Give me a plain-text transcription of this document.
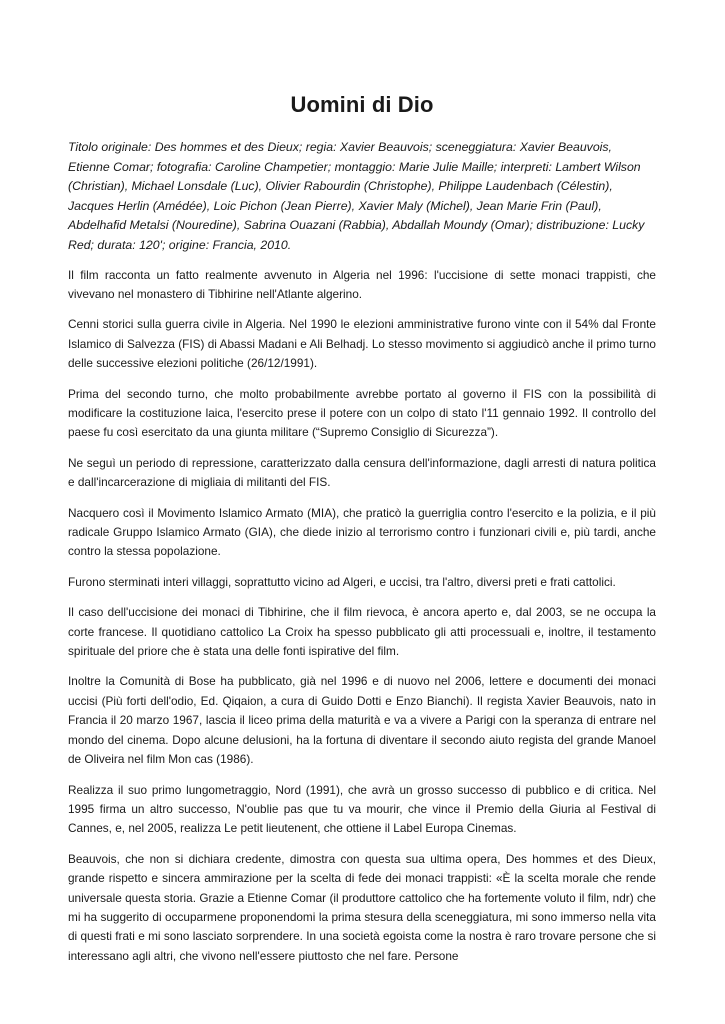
Uomini di Dio

Titolo originale: Des hommes et des Dieux; regia: Xavier Beauvois; sceneggiatura: Xavier Beauvois, Etienne Comar; fotografia: Caroline Champetier; montaggio: Marie Julie Maille; interpreti: Lambert Wilson (Christian), Michael Lonsdale (Luc), Olivier Rabourdin (Christophe), Philippe Laudenbach (Célestin), Jacques Herlin (Amédée), Loic Pichon (Jean Pierre), Xavier Maly (Michel), Jean Marie Frin (Paul), Abdelhafid Metalsi (Nouredine), Sabrina Ouazani (Rabbia), Abdallah Moundy (Omar); distribuzione: Lucky Red; durata: 120'; origine: Francia, 2010.

Il film racconta un fatto realmente avvenuto in Algeria nel 1996: l'uccisione di sette monaci trappisti, che vivevano nel monastero di Tibhirine nell'Atlante algerino.

Cenni storici sulla guerra civile in Algeria. Nel 1990 le elezioni amministrative furono vinte con il 54% dal Fronte Islamico di Salvezza (FIS) di Abassi Madani e Ali Belhadj. Lo stesso movimento si aggiudicò anche il primo turno delle successive elezioni politiche (26/12/1991).

Prima del secondo turno, che molto probabilmente avrebbe portato al governo il FIS con la possibilità di modificare la costituzione laica, l'esercito prese il potere con un colpo di stato l'11 gennaio 1992. Il controllo del paese fu così esercitato da una giunta militare (“Supremo Consiglio di Sicurezza”).

Ne seguì un periodo di repressione, caratterizzato dalla censura dell'informazione, dagli arresti di natura politica e dall'incarcerazione di migliaia di militanti del FIS.

Nacquero così il Movimento Islamico Armato (MIA), che praticò la guerriglia contro l'esercito e la polizia, e il più radicale Gruppo Islamico Armato (GIA), che diede inizio al terrorismo contro i funzionari civili e, più tardi, anche contro la stessa popolazione.

Furono sterminati interi villaggi, soprattutto vicino ad Algeri, e uccisi, tra l'altro, diversi preti e frati cattolici.

Il caso dell'uccisione dei monaci di Tibhirine, che il film rievoca, è ancora aperto e, dal 2003, se ne occupa la corte francese. Il quotidiano cattolico La Croix ha spesso pubblicato gli atti processuali e, inoltre, il testamento spirituale del priore che è stata una delle fonti ispirative del film.

Inoltre la Comunità di Bose ha pubblicato, già nel 1996 e di nuovo nel 2006, lettere e documenti dei monaci uccisi (Più forti dell'odio, Ed. Qiqaion, a cura di Guido Dotti e Enzo Bianchi). Il regista Xavier Beauvois, nato in Francia il 20 marzo 1967, lascia il liceo prima della maturità e va a vivere a Parigi con la speranza di entrare nel mondo del cinema. Dopo alcune delusioni, ha la fortuna di diventare il secondo aiuto regista del grande Manoel de Oliveira nel film Mon cas (1986).

Realizza il suo primo lungometraggio, Nord (1991), che avrà un grosso successo di pubblico e di critica. Nel 1995 firma un altro successo, N'oublie pas que tu va mourir, che vince il Premio della Giuria al Festival di Cannes, e, nel 2005, realizza Le petit lieutenent, che ottiene il Label Europa Cinemas.

Beauvois, che non si dichiara credente, dimostra con questa sua ultima opera, Des hommes et des Dieux, grande rispetto e sincera ammirazione per la scelta di fede dei monaci trappisti: «È la scelta morale che rende universale questa storia. Grazie a Etienne Comar (il produttore cattolico che ha fortemente voluto il film, ndr) che mi ha suggerito di occuparmene proponendomi la prima stesura della sceneggiatura, mi sono immerso nella vita di questi frati e mi sono lasciato sorprendere. In una società egoista come la nostra è raro trovare persone che si interessano agli altri, che vivono nell'essere piuttosto che nel fare. Persone
